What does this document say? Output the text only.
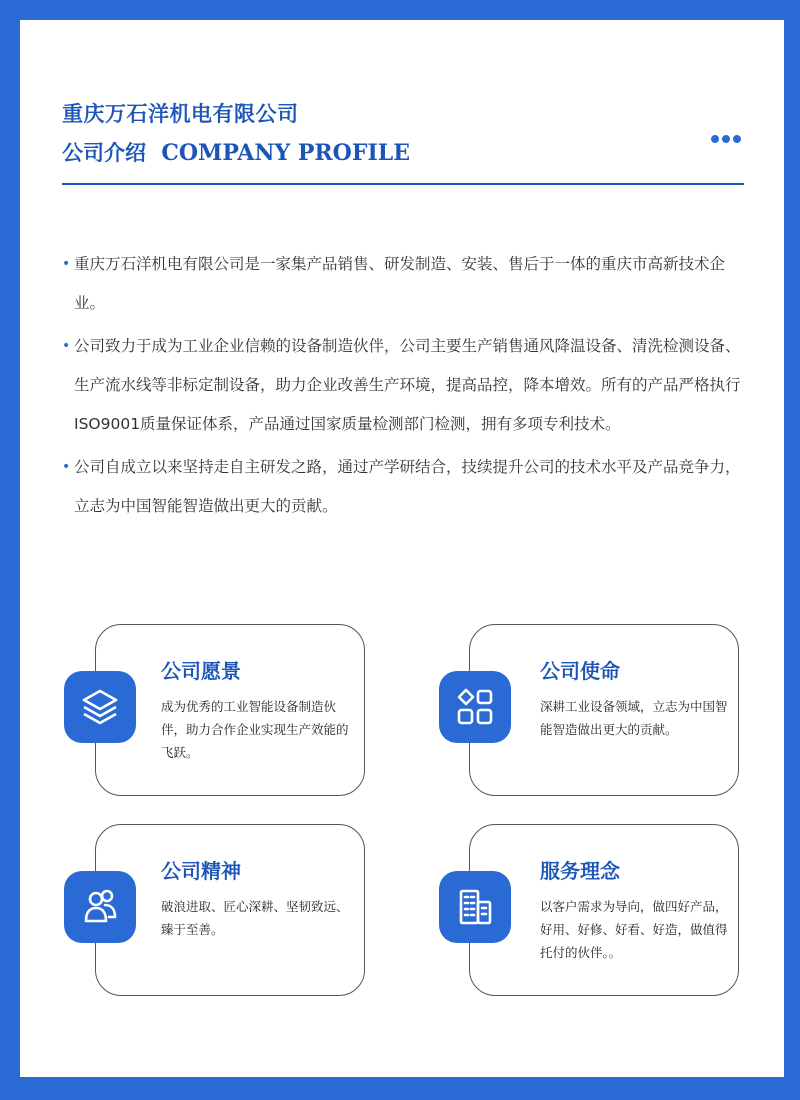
重庆万石洋机电有限公司
公司介绍 COMPANY PROFILE

• 重庆万石洋机电有限公司是一家集产品销售、研发制造、安装、售后于一体的重庆市高新技术企业。

• 公司致力于成为工业企业信赖的设备制造伙伴，公司主要生产销售通风降温设备、清洗检测设备、生产流水线等非标定制设备，助力企业改善生产环境，提高品控，降本增效。所有的产品严格执行ISO9001质量保证体系，产品通过国家质量检测部门检测，拥有多项专利技术。

• 公司自成立以来坚持走自主研发之路，通过产学研结合，技续提升公司的技术水平及产品竞争力，立志为中国智能智造做出更大的贡献。

公司愿景

成为优秀的工业智能设备制造伙伴，助力合作企业实现生产效能的飞跃。

公司使命

深耕工业设备领域，立志为中国智能智造做出更大的贡献。

公司精神

破浪进取、匠心深耕、坚韧致远、臻于至善。

服务理念

以客户需求为导向，做四好产品，好用、好修、好看、好造，做值得托付的伙伴。。
